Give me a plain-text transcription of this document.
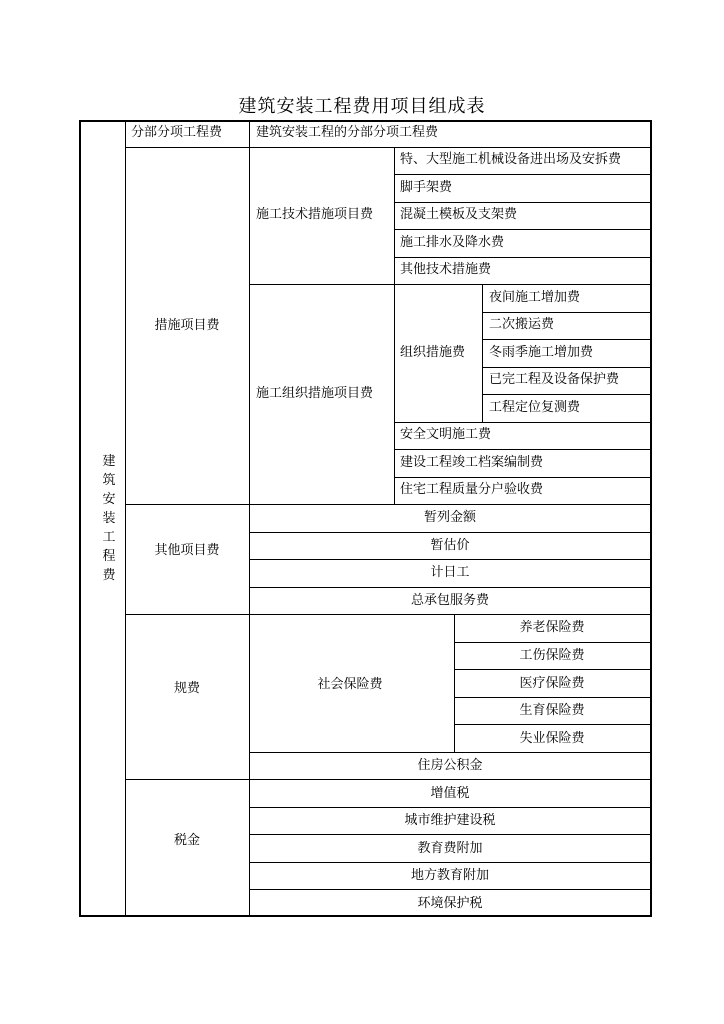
建筑安装工程费用项目组成表
建筑安装工程费
分部分项工程费	建筑安装工程的分部分项工程费
措施项目费
施工技术措施项目费
特、大型施工机械设备进出场及安拆费
脚手架费
混凝土模板及支架费
施工排水及降水费
其他技术措施费
施工组织措施项目费
组织措施费
夜间施工增加费
二次搬运费
冬雨季施工增加费
已完工程及设备保护费
工程定位复测费
安全文明施工费
建设工程竣工档案编制费
住宅工程质量分户验收费
其他项目费
暂列金额
暂估价
计日工
总承包服务费
规费	社会保险费
养老保险费
工伤保险费
医疗保险费
生育保险费
失业保险费
住房公积金
税金
增值税
城市维护建设税
教育费附加
地方教育附加
环境保护税
